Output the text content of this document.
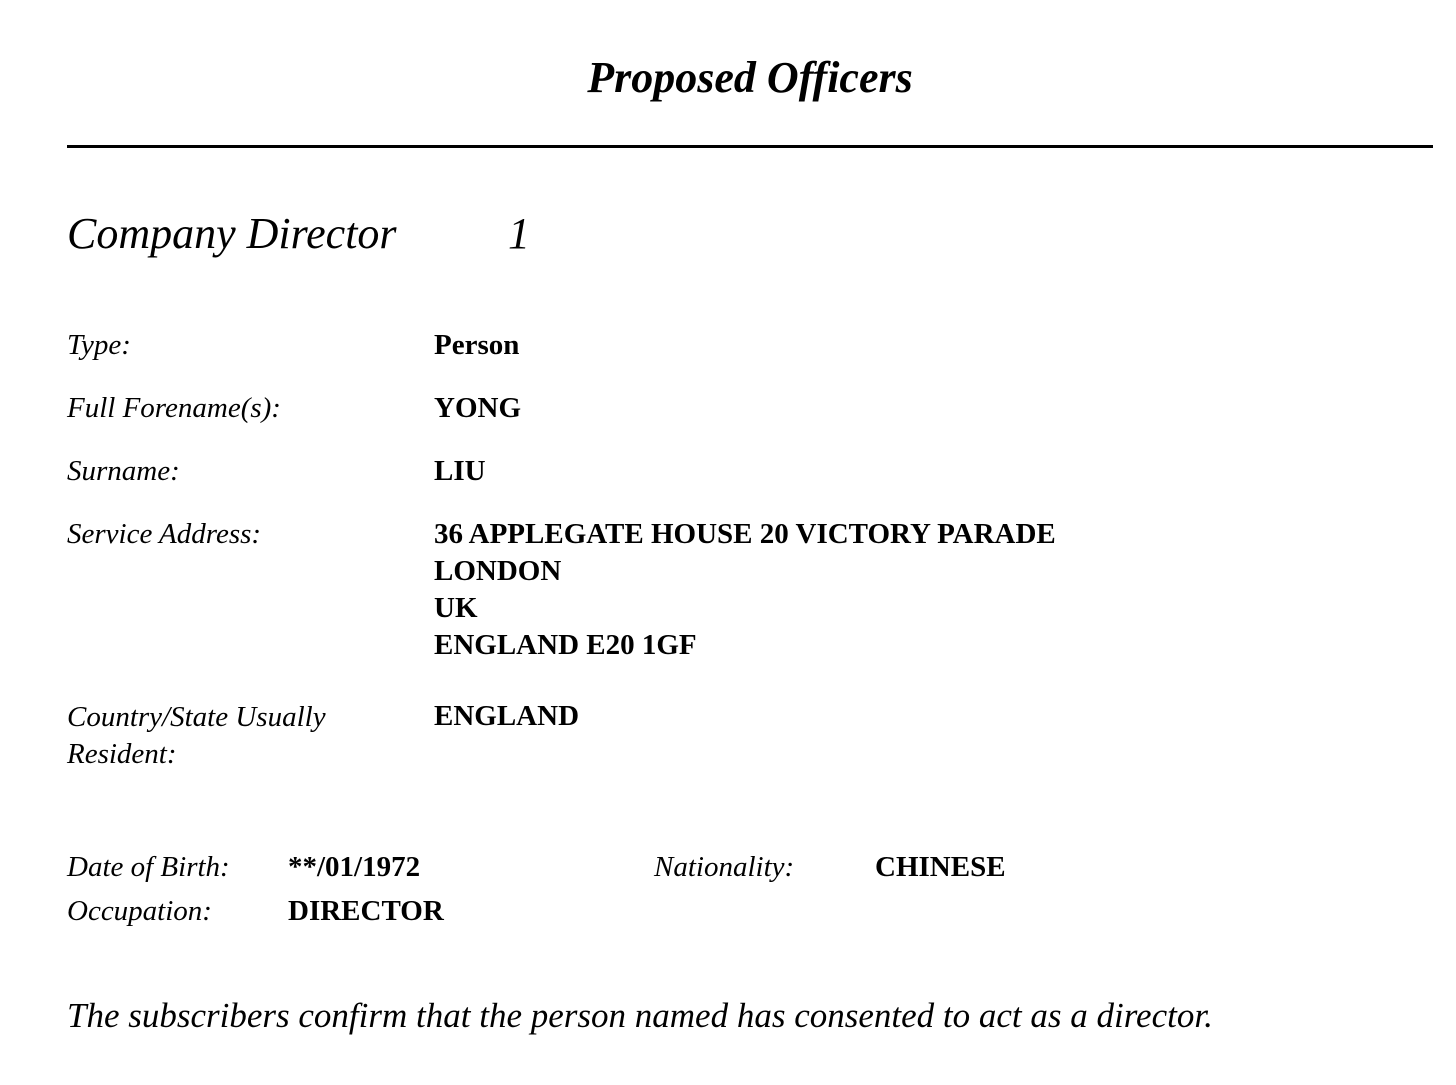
Proposed Officers
Company Director	1
Type:	Person
Full Forename(s):	YONG
Surname:	LIU
Service Address:	36 APPLEGATE HOUSE 20 VICTORY PARADE
LONDON
UK
ENGLAND E20 1GF
Country/State Usually
Resident:
ENGLAND
Date of Birth: **/01/1972	Nationality:	CHINESE
Occupation:	DIRECTOR
The subscribers confirm that the person named has consented to act as a director.
